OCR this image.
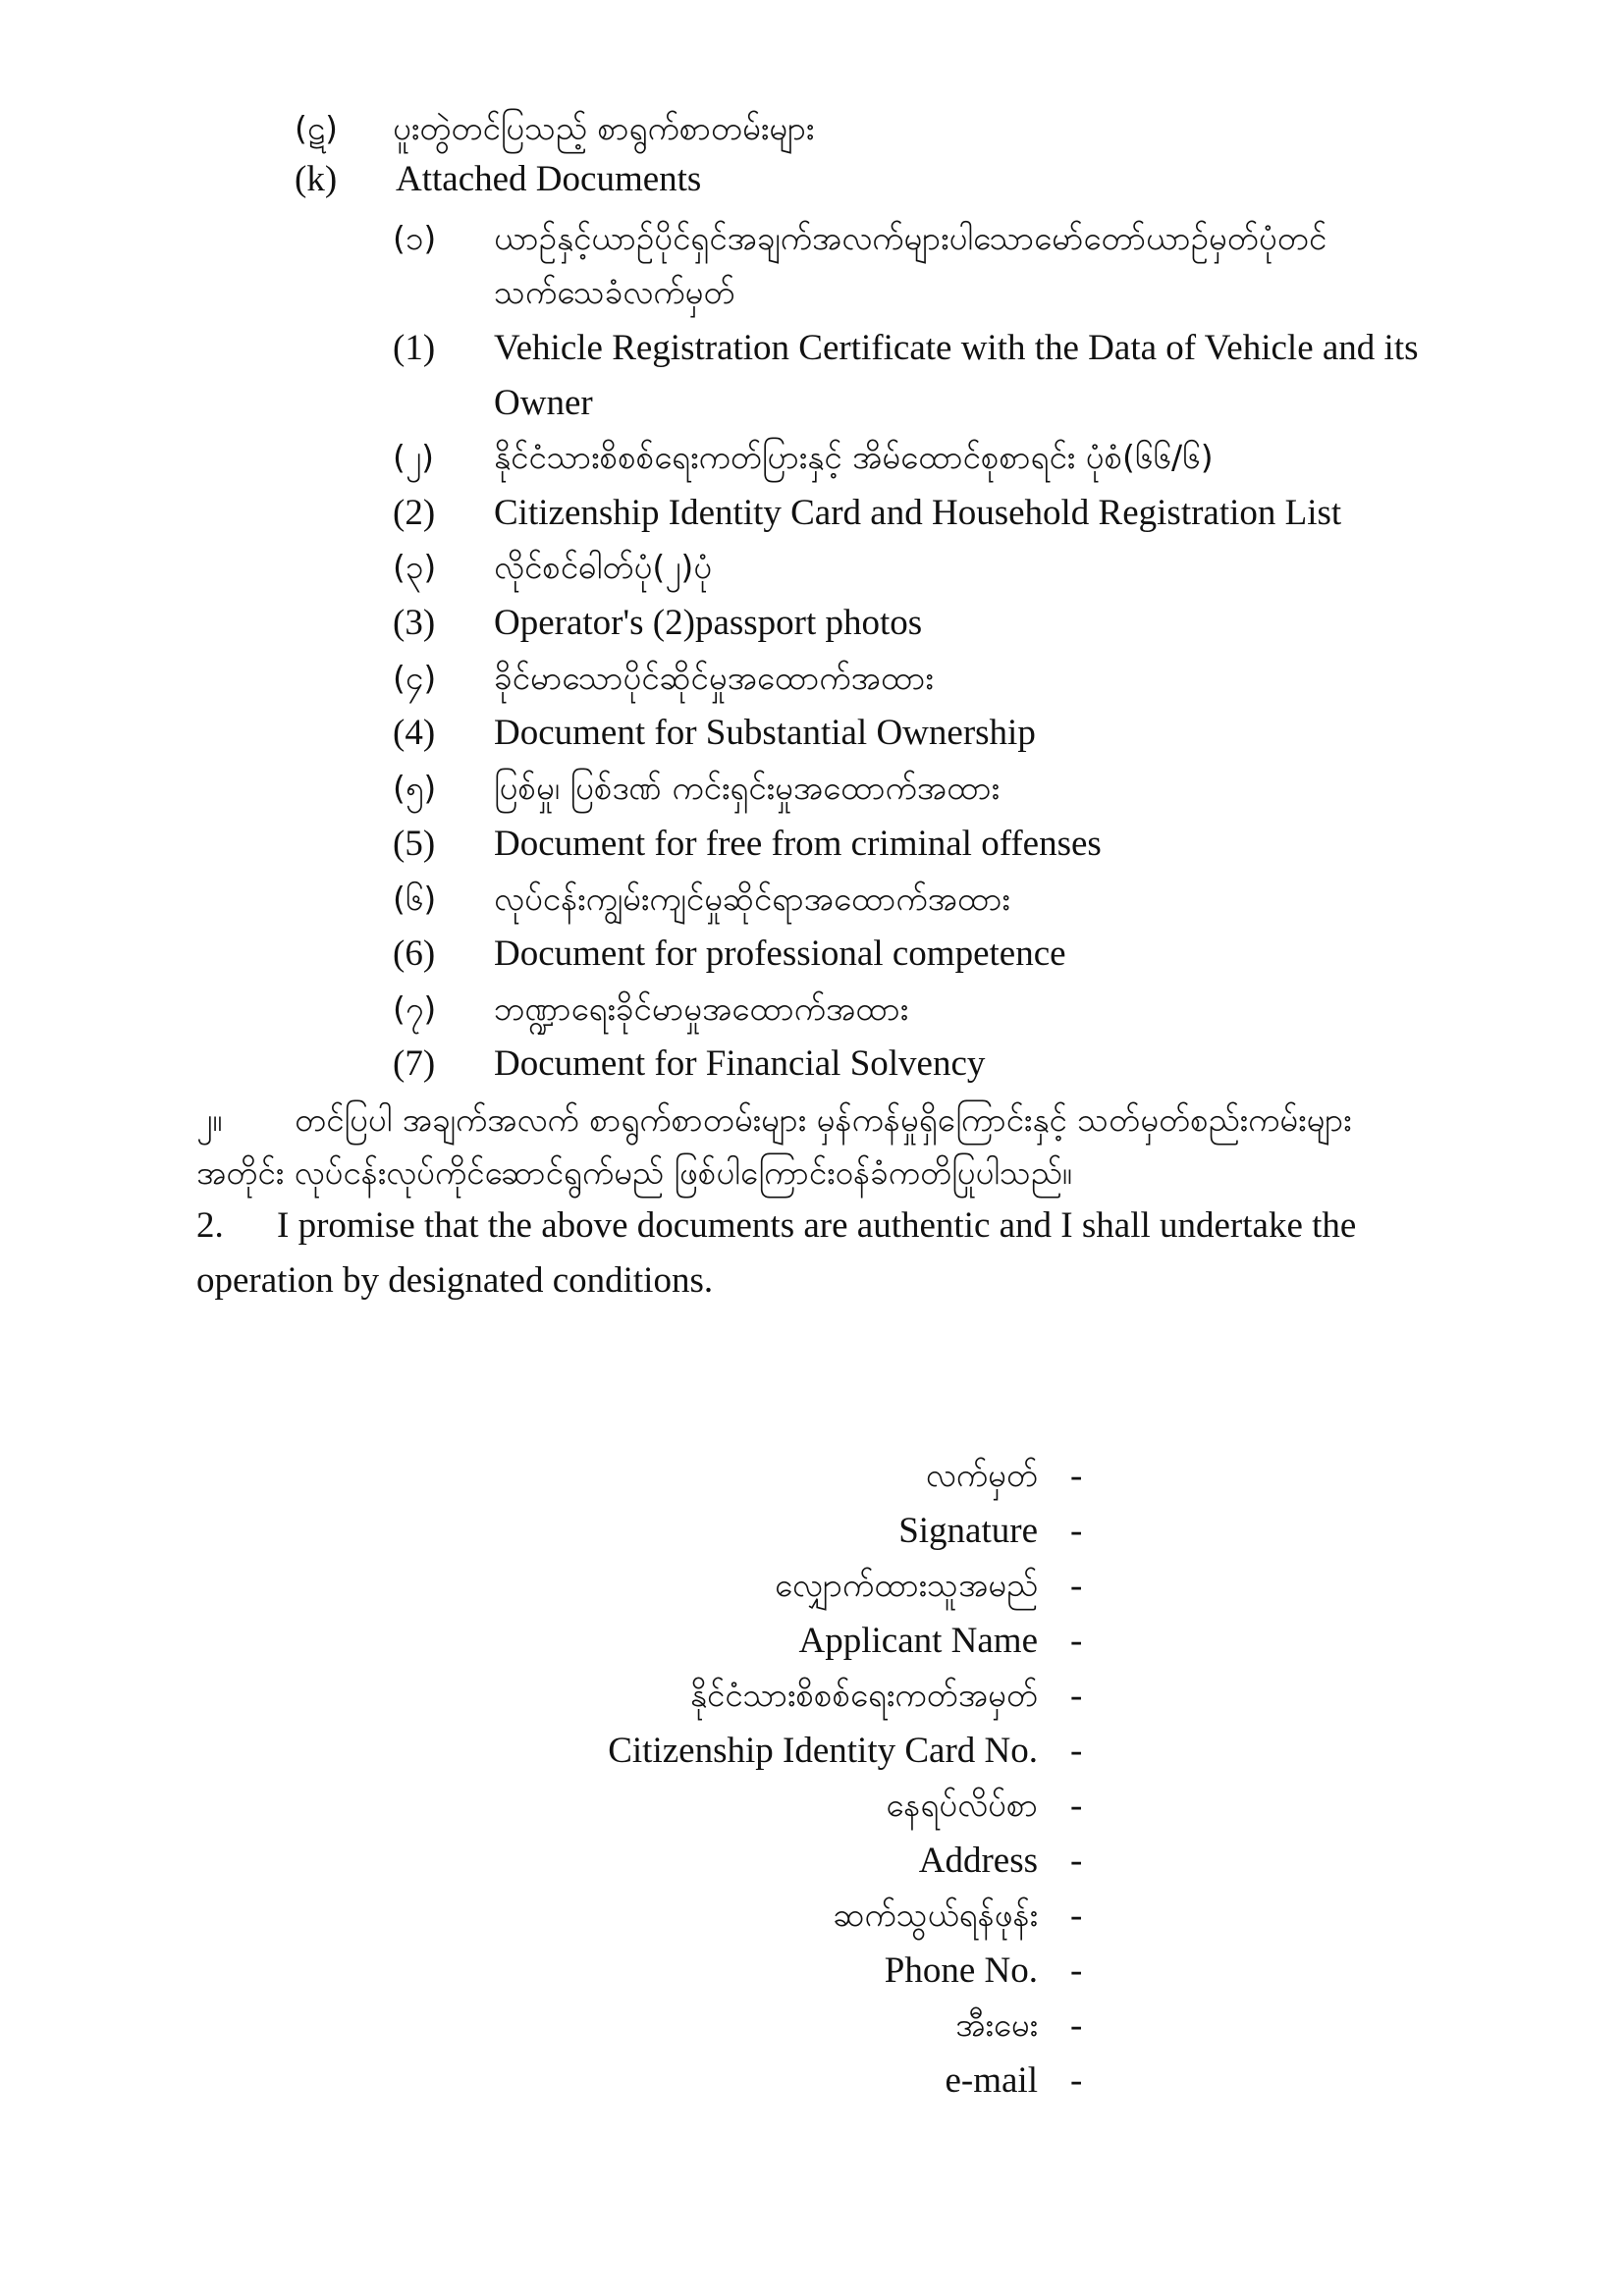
(ဋ) ပူးတွဲတင်ပြသည့် စာရွက်စာတမ်းများ
(k) Attached Documents
(၁) ယာဉ်နှင့်ယာဉ်ပိုင်ရှင်အချက်အလက်များပါသောမော်တော်ယာဉ်မှတ်ပုံတင်
သက်သေခံလက်မှတ်
(1) Vehicle Registration Certificate with the Data of Vehicle and its
Owner
(၂) နိုင်ငံသားစိစစ်ရေးကတ်ပြားနှင့် အိမ်ထောင်စုစာရင်း ပုံစံ(၆၆/၆)
(2) Citizenship Identity Card and Household Registration List
(၃) လိုင်စင်ဓါတ်ပုံ(၂)ပုံ
(3) Operator's (2)passport photos
(၄) ခိုင်မာသောပိုင်ဆိုင်မှုအထောက်အထား
(4) Document for Substantial Ownership
(၅) ပြစ်မှု၊ ပြစ်ဒဏ် ကင်းရှင်းမှုအထောက်အထား
(5) Document for free from criminal offenses
(၆) လုပ်ငန်းကျွမ်းကျင်မှုဆိုင်ရာအထောက်အထား
(6) Document for professional competence
(၇) ဘဏ္ဍာရေးခိုင်မာမှုအထောက်အထား
(7) Document for Financial Solvency
၂။ တင်ပြပါ အချက်အလက် စာရွက်စာတမ်းများ မှန်ကန်မှုရှိကြောင်းနှင့် သတ်မှတ်စည်းကမ်းများ
အတိုင်း လုပ်ငန်းလုပ်ကိုင်ဆောင်ရွက်မည် ဖြစ်ပါကြောင်းဝန်ခံကတိပြုပါသည်။
2. I promise that the above documents are authentic and I shall undertake the
operation by designated conditions.
လက်မှတ် -
Signature -
လျှောက်ထားသူအမည် -
Applicant Name -
နိုင်ငံသားစိစစ်ရေးကတ်အမှတ် -
Citizenship Identity Card No. -
နေရပ်လိပ်စာ -
Address -
ဆက်သွယ်ရန်ဖုန်း -
Phone No. -
အီးမေး -
e-mail -
